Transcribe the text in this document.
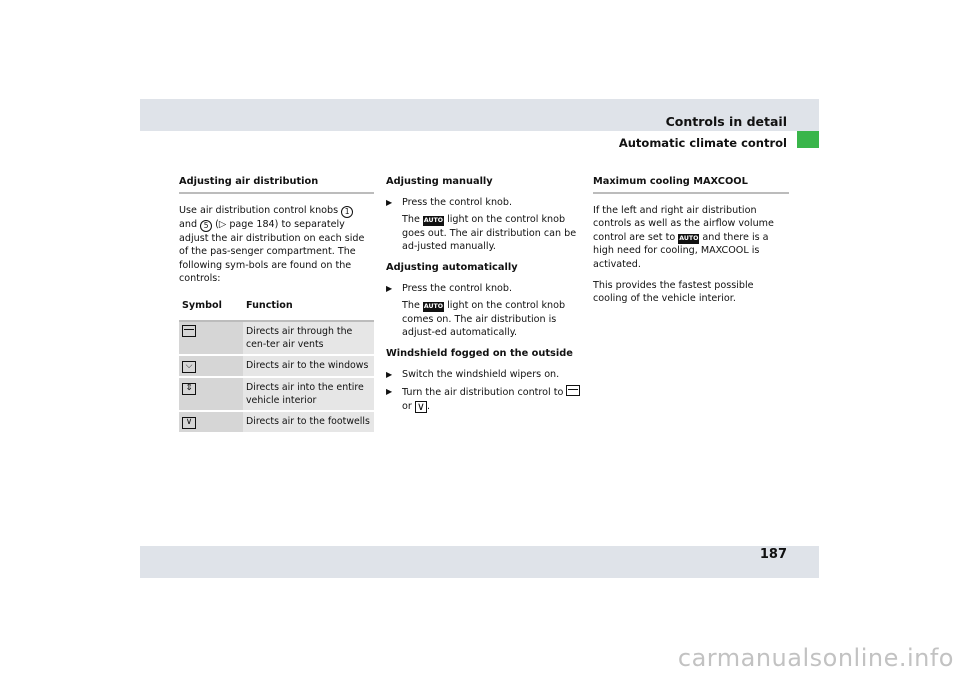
Controls in detail
Automatic climate control
Adjusting air distribution

Use air distribution control knobs 1
and 5 (▷ page 184) to separately adjust the air distribution on each side of the pas-senger compartment. The following sym-bols are found on the controls:

Symbol	Function
	Directs air through the cen-ter air vents
⌵	Directs air to the windows
⇕	Directs air into the entire vehicle interior
∨	Directs air to the footwells
Adjusting manually
▶ Press the control knob.
The AUTO light on the control knob goes out. The air distribution can be ad-justed manually.
Adjusting automatically
▶ Press the control knob.
The AUTO light on the control knob comes on. The air distribution is adjust-ed automatically.
Windshield fogged on the outside
▶ Switch the windshield wipers on.
▶ Turn the air distribution control to
or ∨ .
Maximum cooling MAXCOOL

If the left and right air distribution controls as well as the airflow volume control are set to AUTO and there is a high need for cooling, MAXCOOL is activated.

This provides the fastest possible cooling of the vehicle interior.

187
carmanualsonline.info
